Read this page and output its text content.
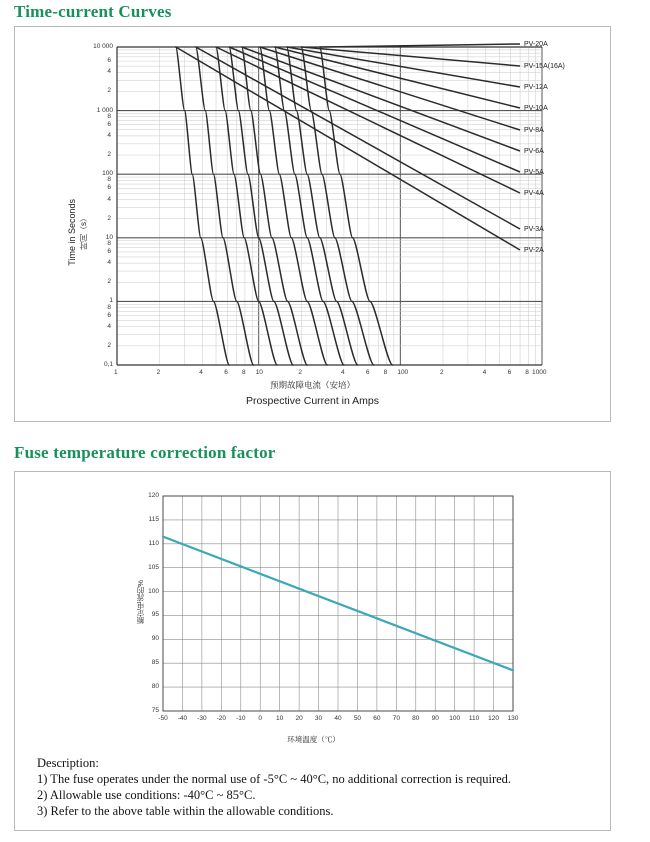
Time-current Curves
Time in Seconds 时间（s）
预期故障电流（安培）
Prospective Current in Amps
0,1
2
4
6
8
1
2
4
6
8
10
2
4
6
8
100
2
4
6
8
1 000
2
4
6
10 000
1	2	4	6 8 10	2	4	6 8 100	2	4	6 8 1000
PV-20A
PV-15A(16A)
PV-12A
PV-10A
PV-8A
PV-6A
PV-5A
PV-4A
PV-3A
PV-2A
Fuse temperature correction factor
额定电流的%
环境温度（℃）
75
80
85
90
95
100
105
110
115
120
-50 -40 -30 -20 -10	0	10	20	30	40	50	60	70	80	90	100 110 120 130
Description:
1) The fuse operates under the normal use of -5°C ~ 40°C, no additional correction is required.
2) Allowable use conditions: -40°C ~ 85°C.
3) Refer to the above table within the allowable conditions.
